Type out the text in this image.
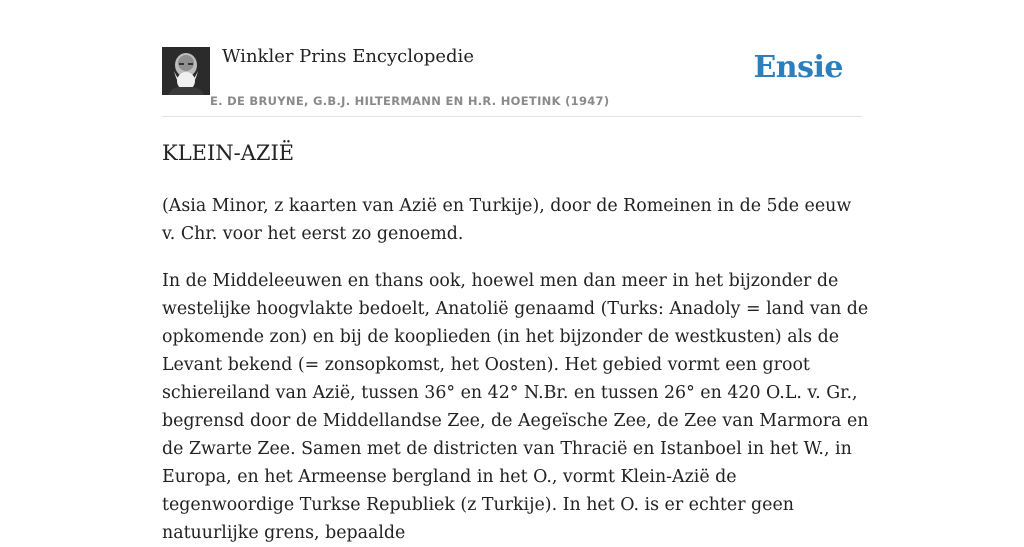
Winkler Prins Encyclopedie
E. DE BRUYNE, G.B.J. HILTERMANN EN H.R. HOETINK (1947)
Ensie
KLEIN-AZIË

(Asia Minor, z kaarten van Azië en Turkije), door de Romeinen in de 5de eeuw v. Chr. voor het eerst zo genoemd.

In de Middeleeuwen en thans ook, hoewel men dan meer in het bijzonder de westelijke hoogvlakte bedoelt, Anatolië genaamd (Turks: Anadoly = land van de opkomende zon) en bij de kooplieden (in het bijzonder de westkusten) als de Levant bekend (= zonsopkomst, het Oosten). Het gebied vormt een groot schiereiland van Azië, tussen 36° en 42° N.Br. en tussen 26° en 420 O.L. v. Gr., begrensd door de Middellandse Zee, de Aegeïsche Zee, de Zee van Marmora en de Zwarte Zee. Samen met de districten van Thracië en Istanboel in het W., in Europa, en het Armeense bergland in het O., vormt Klein-Azië de tegenwoordige Turkse Republiek (z Turkije). In het O. is er echter geen natuurlijke grens, bepaalde
